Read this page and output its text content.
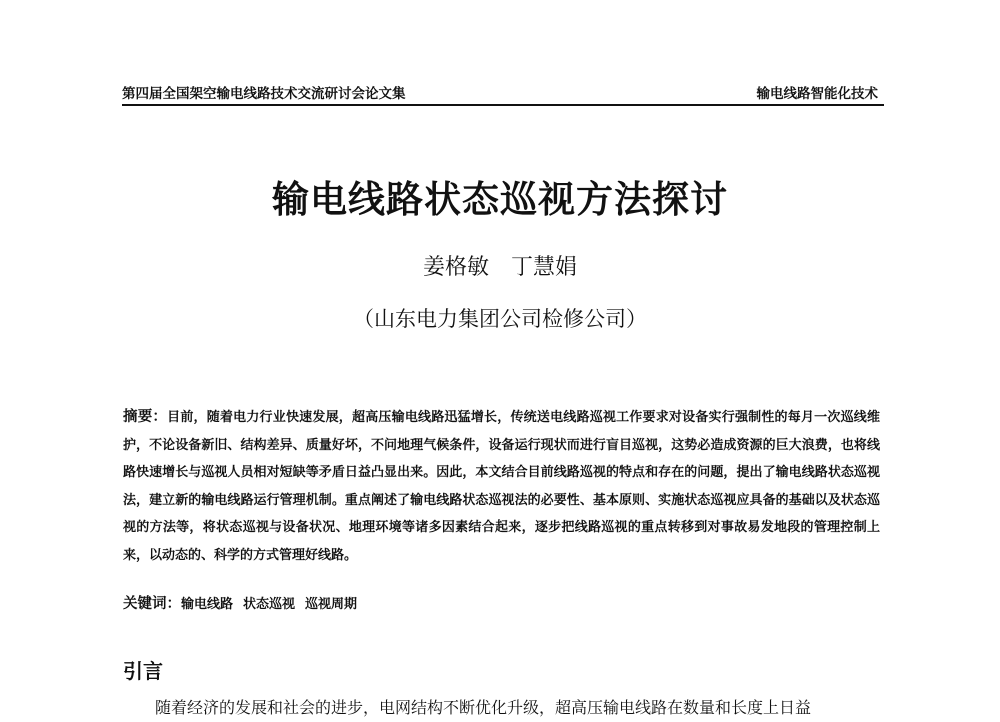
第四届全国架空输电线路技术交流研讨会论文集	输电线路智能化技术
输电线路状态巡视方法探讨
姜格敏 丁慧娟
（山东电力集团公司检修公司）
摘要：目前，随着电力行业快速发展，超高压输电线路迅猛增长，传统送电线路巡视工作要求对设备实行强制性的每月一次巡线维护，不论设备新旧、结构差异、质量好坏，不问地理气候条件，设备运行现状而进行盲目巡视，这势必造成资源的巨大浪费，也将线路快速增长与巡视人员相对短缺等矛盾日益凸显出来。因此，本文结合目前线路巡视的特点和存在的问题，提出了输电线路状态巡视法，建立新的输电线路运行管理机制。重点阐述了输电线路状态巡视法的必要性、基本原则、实施状态巡视应具备的基础以及状态巡视的方法等，将状态巡视与设备状况、地理环境等诸多因素结合起来，逐步把线路巡视的重点转移到对事故易发地段的管理控制上来，以动态的、科学的方式管理好线路。
关键词：输电线路 状态巡视 巡视周期
引言
随着经济的发展和社会的进步，电网结构不断优化升级，超高压输电线路在数量和长度上日益
